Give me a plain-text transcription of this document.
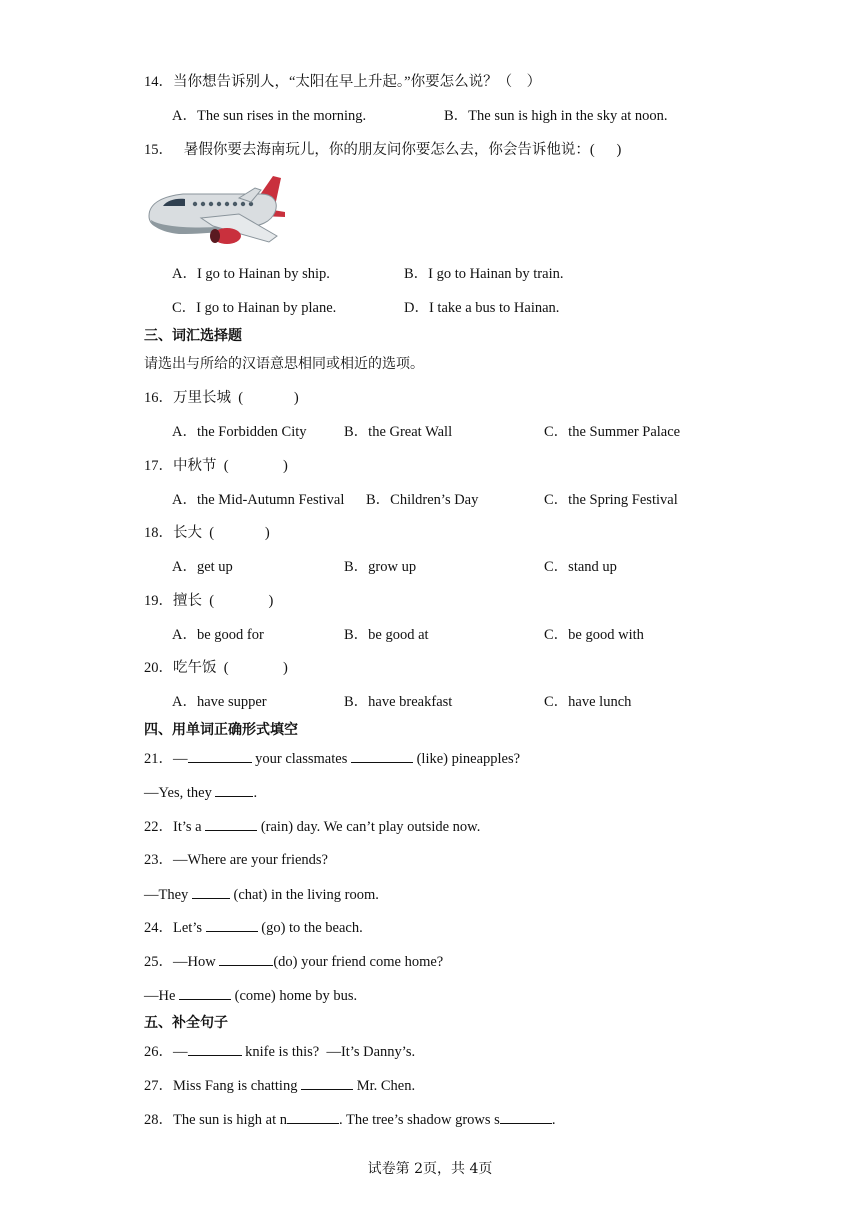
14．当你想告诉别人，“太阳在早上升起。”你要怎么说？（    ）
A．The sun rises in the morning.	B．The sun is high in the sky at noon.
15．   暑假你要去海南玩儿，你的朋友问你要怎么去，你会告诉他说：(      )
A．I go to Hainan by ship.	B．I go to Hainan by train.
C．I go to Hainan by plane.	D．I take a bus to Hainan.
三、词汇选择题
请选出与所给的汉语意思相同或相近的选项。
16．万里长城  (              )
A．the Forbidden City	B．the Great Wall	C．the Summer Palace
17．中秋节  (               )
A．the Mid-Autumn Festival B．Children’s Day	C．the Spring Festival
18．长大  (              )
A．get up	B．grow up	C．stand up
19．擅长  (               )
A．be good for	B．be good at	C．be good with
20．吃午饭  (               )
A．have supper	B．have breakfast	C．have lunch
四、用单词正确形式填空
21．—	your classmates	(like) pineapples?
—Yes, they	.
22．It’s a	(rain) day. We can’t play outside now.
23．—Where are your friends?
—They	(chat) in the living room.
24．Let’s	(go) to the beach.
25．—How	(do) your friend come home?
—He	(come) home by bus.
五、补全句子
26．—	knife is this?  —It’s Danny’s.
27．Miss Fang is chatting	Mr. Chen.
28．The sun is high at n	. The tree’s shadow grows s	.
试卷第 2页，共 4页
